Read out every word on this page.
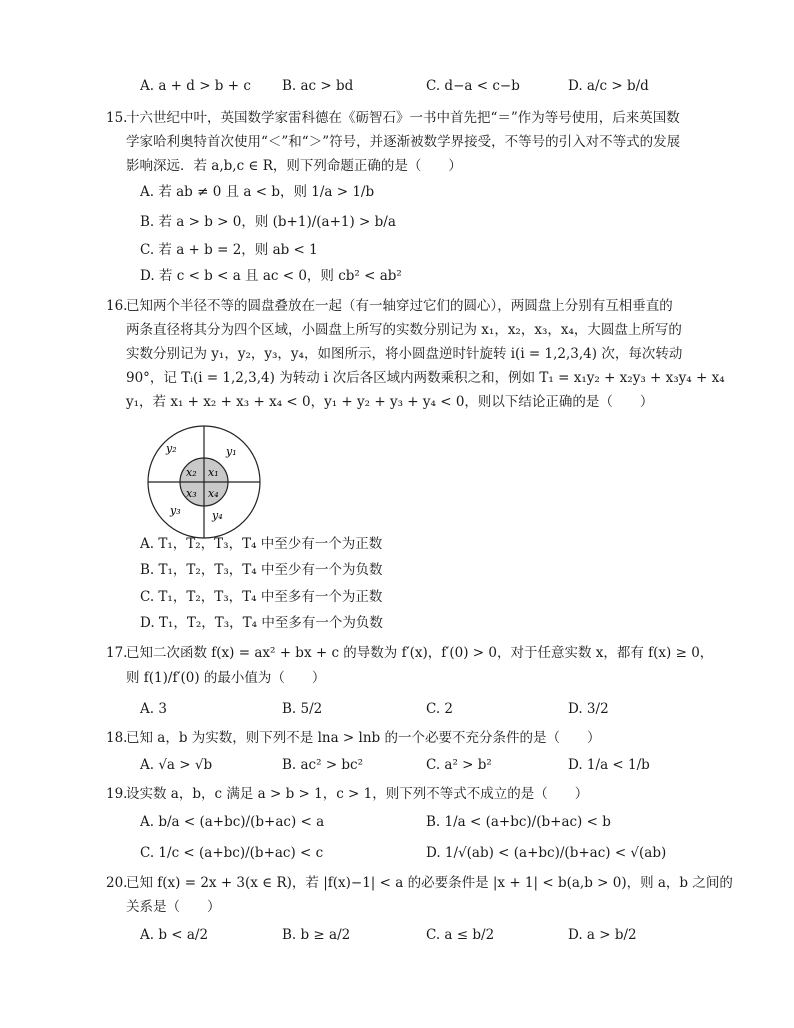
A. a + d > b + c B. ac > bd	C. d−a < c−b	D. a/c > b/d
15.
十六世纪中叶，英国数学家雷科德在《砺智石》一书中首先把“＝”作为等号使用，后来英国数
学家哈利奥特首次使用“＜”和“＞”符号，并逐渐被数学界接受，不等号的引入对不等式的发展
影响深远．若 a,b,c ∈ R，则下列命题正确的是（　　）
A. 若 ab ≠ 0 且 a < b，则 1/a > 1/b
B. 若 a > b > 0，则 (b+1)/(a+1) > b/a
C. 若 a + b = 2，则 ab < 1
D. 若 c < b < a 且 ac < 0，则 cb² < ab²
16.
已知两个半径不等的圆盘叠放在一起（有一轴穿过它们的圆心），两圆盘上分别有互相垂直的
两条直径将其分为四个区域，小圆盘上所写的实数分别记为 x₁，x₂，x₃，x₄，大圆盘上所写的
实数分别记为 y₁，y₂，y₃，y₄，如图所示，将小圆盘逆时针旋转 i(i = 1,2,3,4) 次，每次转动
90°，记 Tᵢ(i = 1,2,3,4) 为转动 i 次后各区域内两数乘积之和，例如 T₁ = x₁y₂ + x₂y₃ + x₃y₄ + x₄
y₁，若 x₁ + x₂ + x₃ + x₄ < 0，y₁ + y₂ + y₃ + y₄ < 0，则以下结论正确的是（　　）
x₁
x₂
x₃ x₄
y₁
y₂
y₃	y₄
A. T₁，T₂，T₃，T₄ 中至少有一个为正数
B. T₁，T₂，T₃，T₄ 中至少有一个为负数
C. T₁，T₂，T₃，T₄ 中至多有一个为正数
D. T₁，T₂，T₃，T₄ 中至多有一个为负数
17.
已知二次函数 f(x) = ax² + bx + c 的导数为 f′(x)，f′(0) > 0，对于任意实数 x，都有 f(x) ≥ 0，
则 f(1)/f′(0) 的最小值为（　　）
A. 3	B. 5/2	C. 2	D. 3/2
18.
已知 a，b 为实数，则下列不是 lna > lnb 的一个必要不充分条件的是（　　）
A. √a > √b	B. ac² > bc²	C. a² > b²	D. 1/a < 1/b
19.
设实数 a，b，c 满足 a > b > 1，c > 1，则下列不等式不成立的是（　　）
A. b/a < (a+bc)/(b+ac) < a	B. 1/a < (a+bc)/(b+ac) < b
C. 1/c < (a+bc)/(b+ac) < c	D. 1/√(ab) < (a+bc)/(b+ac) < √(ab)
20.
已知 f(x) = 2x + 3(x ∈ R)，若 |f(x)−1| < a 的必要条件是 |x + 1| < b(a,b > 0)，则 a，b 之间的
关系是（　　）
A. b < a/2	B. b ≥ a/2	C. a ≤ b/2	D. a > b/2
